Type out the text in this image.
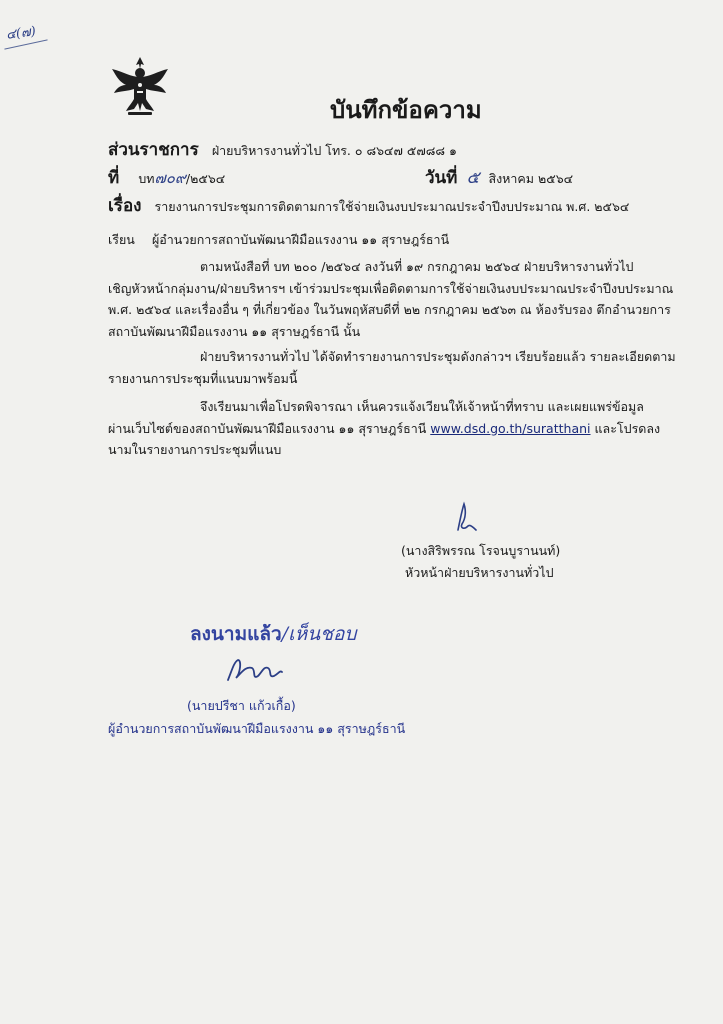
๔(๗)
บันทึกข้อความ
ส่วนราชการ ฝ่ายบริหารงานทั่วไป โทร. ๐ ๘๖๔๗ ๕๗๘๘ ๑
ที่ บท๗๐๙/๒๕๖๔	วันที่ ๕ สิงหาคม ๒๕๖๔
เรื่อง รายงานการประชุมการติดตามการใช้จ่ายเงินงบประมาณประจำปีงบประมาณ พ.ศ. ๒๕๖๔
เรียน ผู้อำนวยการสถาบันพัฒนาฝีมือแรงงาน ๑๑ สุราษฎร์ธานี
ตามหนังสือที่ บท ๒๐๐ /๒๕๖๔ ลงวันที่ ๑๙ กรกฎาคม ๒๕๖๔ ฝ่ายบริหารงานทั่วไป
เชิญหัวหน้ากลุ่มงาน/ฝ่ายบริหารฯ เข้าร่วมประชุมเพื่อติดตามการใช้จ่ายเงินงบประมาณประจำปีงบประมาณ
พ.ศ. ๒๕๖๔ และเรื่องอื่น ๆ ที่เกี่ยวข้อง ในวันพฤหัสบดีที่ ๒๒ กรกฎาคม ๒๕๖๓ ณ ห้องรับรอง ตึกอำนวยการ
สถาบันพัฒนาฝีมือแรงงาน ๑๑ สุราษฎร์ธานี นั้น
ฝ่ายบริหารงานทั่วไป ได้จัดทำรายงานการประชุมดังกล่าวฯ เรียบร้อยแล้ว รายละเอียดตาม
รายงานการประชุมที่แนบมาพร้อมนี้
จึงเรียนมาเพื่อโปรดพิจารณา เห็นควรแจ้งเวียนให้เจ้าหน้าที่ทราบ และเผยแพร่ข้อมูล
ผ่านเว็บไซต์ของสถาบันพัฒนาฝีมือแรงงาน ๑๑ สุราษฎร์ธานี www.dsd.go.th/suratthani และโปรดลง
นามในรายงานการประชุมที่แนบ
(นางสิริพรรณ โรจนบูรานนท์)
หัวหน้าฝ่ายบริหารงานทั่วไป
ลงนามแล้ว/เห็นชอบ
(นายปรีชา แก้วเกื้อ)
ผู้อำนวยการสถาบันพัฒนาฝีมือแรงงาน ๑๑ สุราษฎร์ธานี
